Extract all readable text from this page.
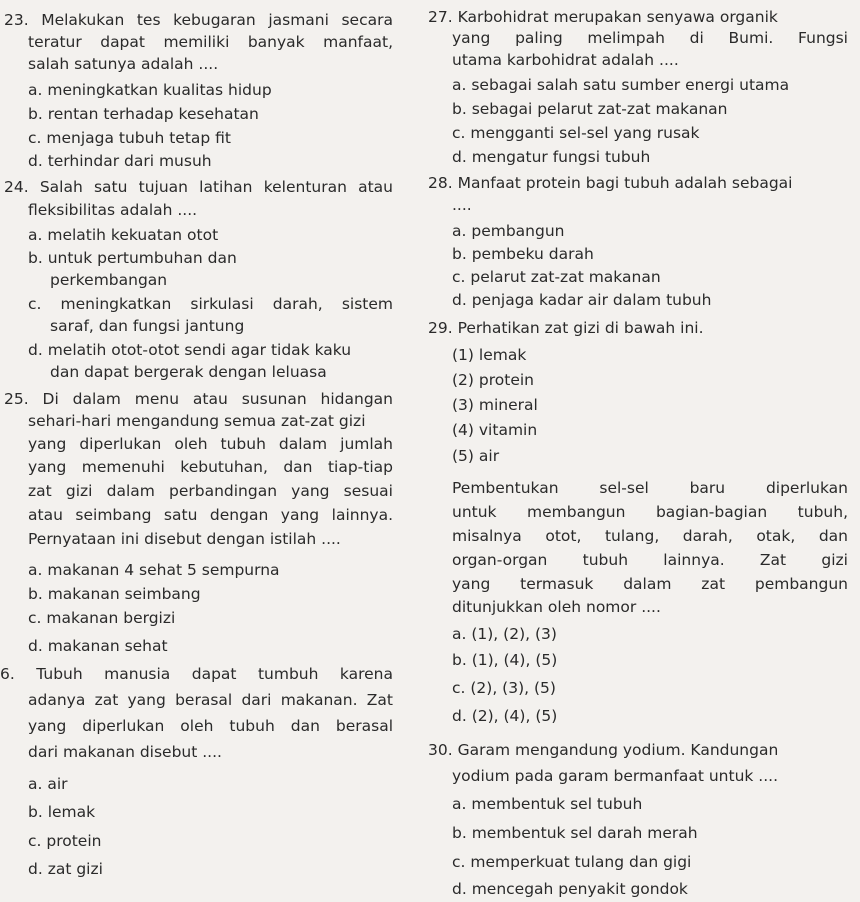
23. Melakukan tes kebugaran jasmani secara
teratur dapat memiliki banyak manfaat,
salah satunya adalah ....
a. meningkatkan kualitas hidup
b. rentan terhadap kesehatan
c. menjaga tubuh tetap fit
d. terhindar dari musuh
24. Salah satu tujuan latihan kelenturan atau
fleksibilitas adalah ....
a. melatih kekuatan otot
b. untuk pertumbuhan dan
perkembangan
c. meningkatkan sirkulasi darah, sistem
saraf, dan fungsi jantung
d. melatih otot-otot sendi agar tidak kaku
dan dapat bergerak dengan leluasa
25. Di dalam menu atau susunan hidangan
sehari-hari mengandung semua zat-zat gizi
yang diperlukan oleh tubuh dalam jumlah
yang memenuhi kebutuhan, dan tiap-tiap
zat gizi dalam perbandingan yang sesuai
atau seimbang satu dengan yang lainnya.
Pernyataan ini disebut dengan istilah ....
a. makanan 4 sehat 5 sempurna
b. makanan seimbang
c. makanan bergizi
d. makanan sehat
6. Tubuh manusia dapat tumbuh karena
adanya zat yang berasal dari makanan. Zat
yang diperlukan oleh tubuh dan berasal
dari makanan disebut ....
a. air
b. lemak
c. protein
d. zat gizi
27. Karbohidrat merupakan senyawa organik
yang paling melimpah di Bumi. Fungsi
utama karbohidrat adalah ....
a. sebagai salah satu sumber energi utama
b. sebagai pelarut zat-zat makanan
c. mengganti sel-sel yang rusak
d. mengatur fungsi tubuh
28. Manfaat protein bagi tubuh adalah sebagai
....
a. pembangun
b. pembeku darah
c. pelarut zat-zat makanan
d. penjaga kadar air dalam tubuh
29. Perhatikan zat gizi di bawah ini.
(1) lemak
(2) protein
(3) mineral
(4) vitamin
(5) air
Pembentukan sel-sel baru diperlukan
untuk membangun bagian-bagian tubuh,
misalnya otot, tulang, darah, otak, dan
organ-organ tubuh lainnya. Zat gizi
yang termasuk dalam zat pembangun
ditunjukkan oleh nomor ....
a. (1), (2), (3)
b. (1), (4), (5)
c. (2), (3), (5)
d. (2), (4), (5)
30. Garam mengandung yodium. Kandungan
yodium pada garam bermanfaat untuk ....
a. membentuk sel tubuh
b. membentuk sel darah merah
c. memperkuat tulang dan gigi
d. mencegah penyakit gondok
